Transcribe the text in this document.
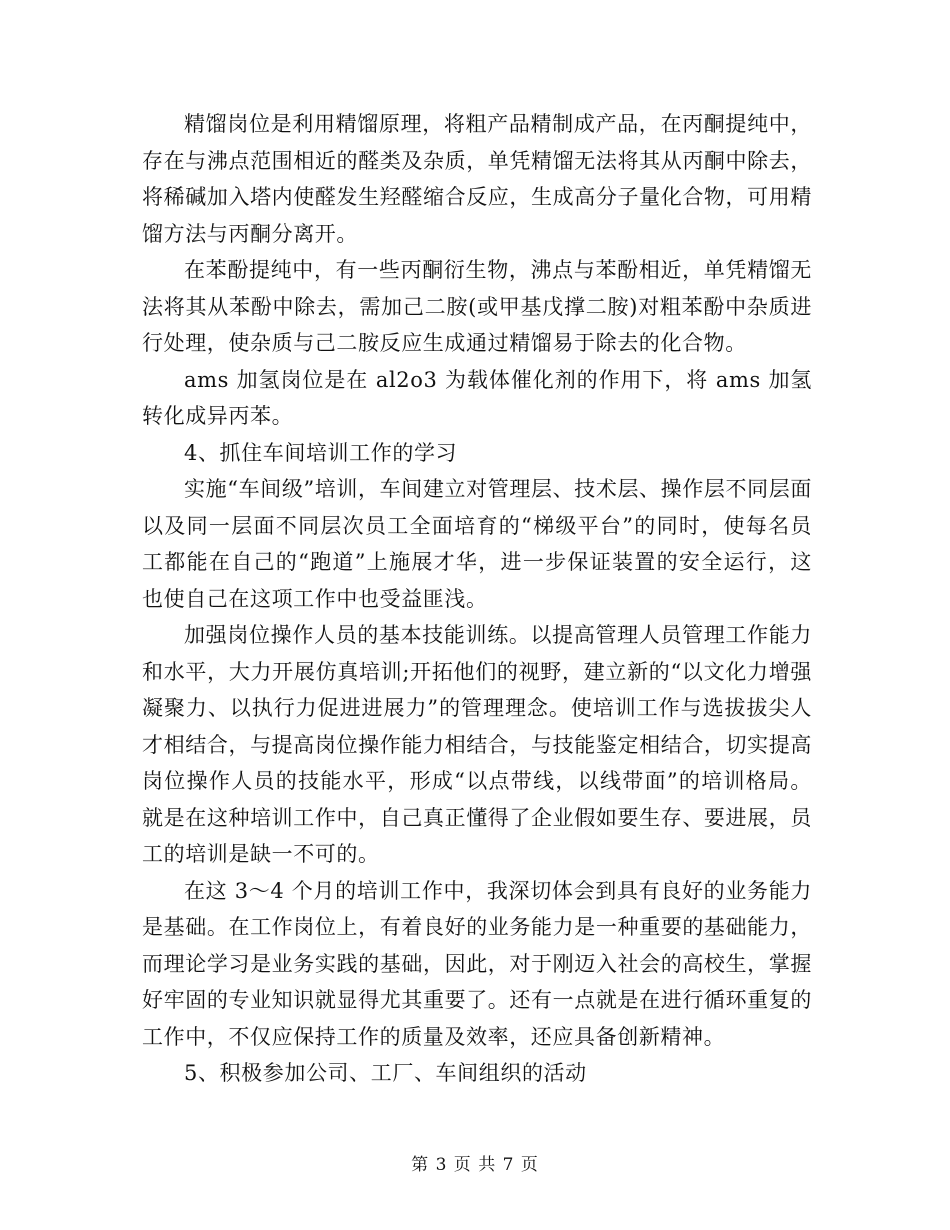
精馏岗位是利用精馏原理，将粗产品精制成产品，在丙酮提纯中，存在与沸点范围相近的醛类及杂质，单凭精馏无法将其从丙酮中除去，将稀碱加入塔内使醛发生羟醛缩合反应，生成高分子量化合物，可用精馏方法与丙酮分离开。

在苯酚提纯中，有一些丙酮衍生物，沸点与苯酚相近，单凭精馏无法将其从苯酚中除去，需加己二胺(或甲基戊撑二胺)对粗苯酚中杂质进行处理，使杂质与己二胺反应生成通过精馏易于除去的化合物。

ams 加氢岗位是在 al2o3 为载体催化剂的作用下，将 ams 加氢转化成异丙苯。

4、抓住车间培训工作的学习

实施“车间级”培训，车间建立对管理层、技术层、操作层不同层面以及同一层面不同层次员工全面培育的“梯级平台”的同时，使每名员工都能在自己的“跑道”上施展才华，进一步保证装置的安全运行，这也使自己在这项工作中也受益匪浅。

加强岗位操作人员的基本技能训练。以提高管理人员管理工作能力和水平，大力开展仿真培训;开拓他们的视野，建立新的“以文化力增强凝聚力、以执行力促进进展力”的管理理念。使培训工作与选拔拔尖人才相结合，与提高岗位操作能力相结合，与技能鉴定相结合，切实提高岗位操作人员的技能水平，形成“以点带线，以线带面”的培训格局。就是在这种培训工作中，自己真正懂得了企业假如要生存、要进展，员工的培训是缺一不可的。

在这 3～4 个月的培训工作中，我深切体会到具有良好的业务能力是基础。在工作岗位上，有着良好的业务能力是一种重要的基础能力，而理论学习是业务实践的基础，因此，对于刚迈入社会的高校生，掌握好牢固的专业知识就显得尤其重要了。还有一点就是在进行循环重复的工作中，不仅应保持工作的质量及效率，还应具备创新精神。

5、积极参加公司、工厂、车间组织的活动

第 3 页 共 7 页
